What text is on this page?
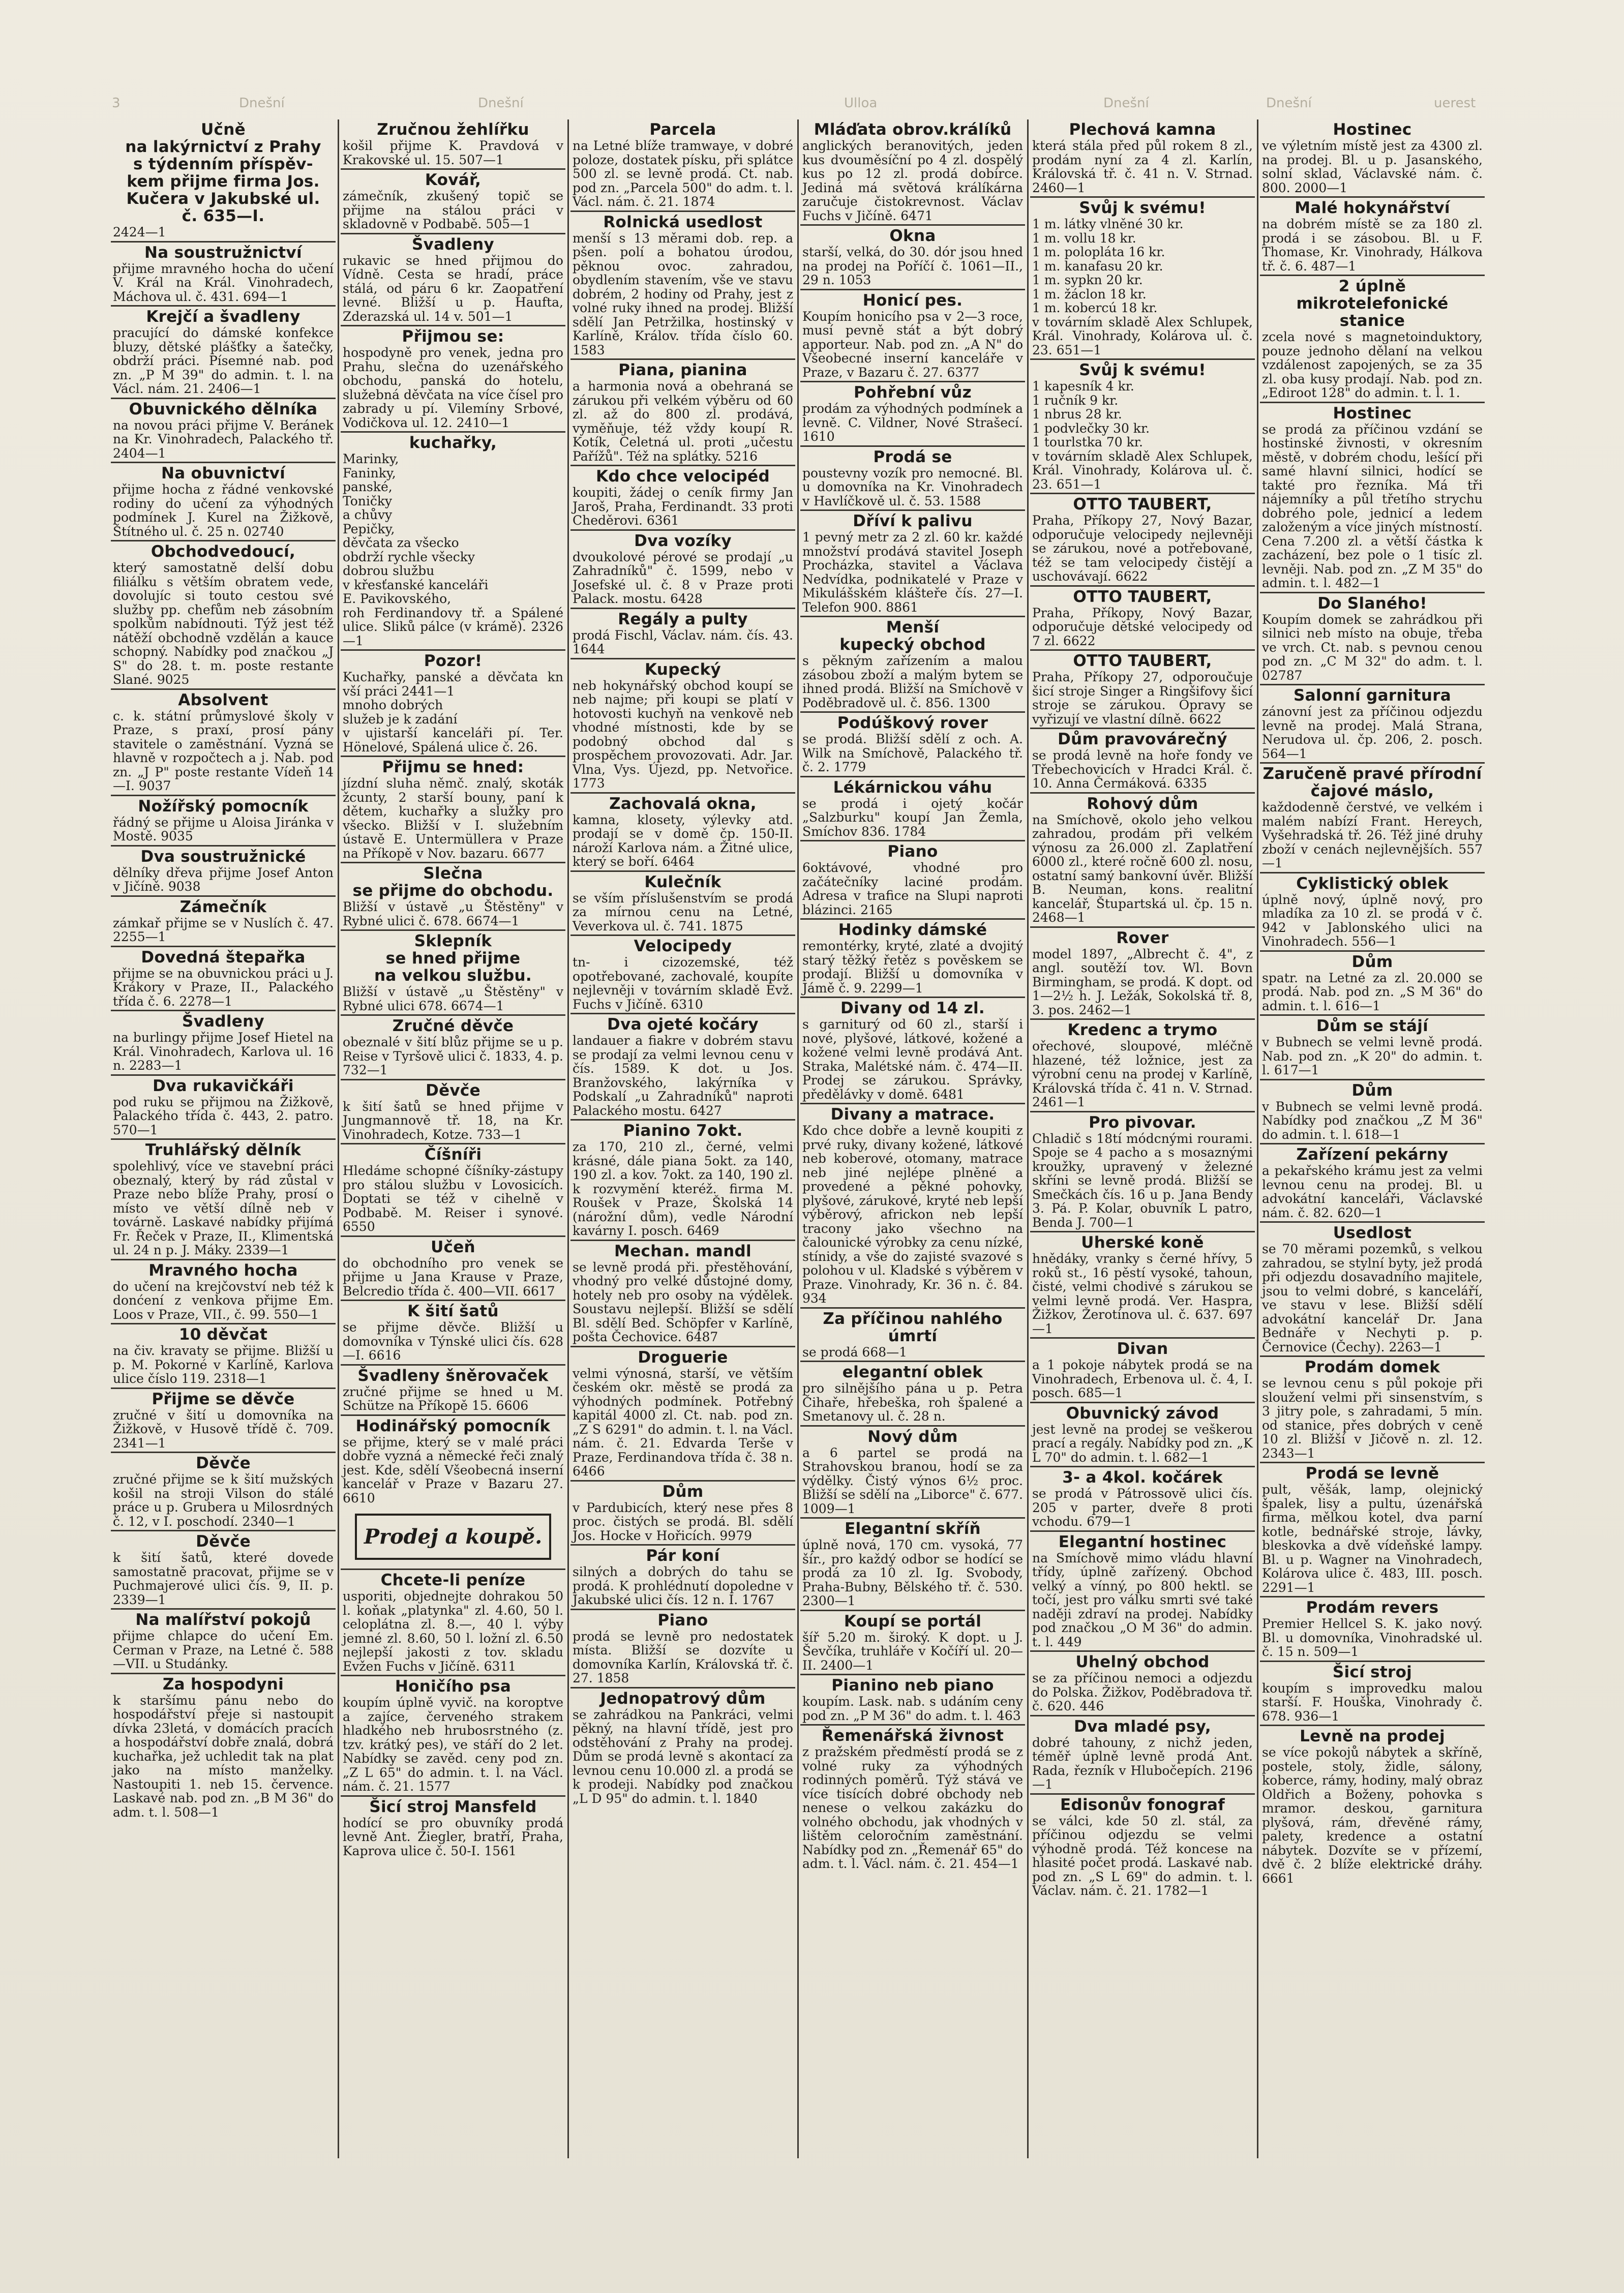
3	Dnešní	Dnešní	Ulloa	Dnešní	Dnešní	uerest
Učně
na lakýrnictví z Prahy
s týdenním příspěv-
kem přijme firma Jos.
Kučera v Jakubské ul.
č. 635—I.
2424—1
Na soustružnictví
přijme mravného hocha do učení V. Král na Král. Vinohradech, Máchova ul. č. 431. 694—1
Krejčí a švadleny
pracující do dámské konfekce bluzy, dětské plášťky a šatečky, obdrží práci. Písemné nab. pod zn. „P M 39" do admin. t. l. na Václ. nám. 21. 2406—1
Obuvnického dělníka
na novou práci přijme V. Beránek na Kr. Vinohradech, Palackého tř. 2404—1
Na obuvnictví
přijme hocha z řádné venkovské rodiny do učení za výhodných podmínek J. Kurel na Žižkově, Štítného ul. č. 25 n. 02740
Obchodvedoucí,
který samostatně delší dobu filiálku s větším obratem vede, dovolujíc si touto cestou své služby pp. chefům neb zásobním spolkům nabídnouti. Týž jest též nátěží obchodně vzdělán a kauce schopný. Nabídky pod značkou „J S" do 28. t. m. poste restante Slané. 9025
Absolvent
c. k. státní průmyslové školy v Praze, s praxí, prosí pány stavitele o zaměstnání. Vyzná se hlavně v rozpočtech a j. Nab. pod zn. „J P" poste restante Vídeň 14—I. 9037
Nožířský pomocník
řádný se přijme u Aloisa Jiránka v Mostě. 9035
Dva soustružnické
dělníky dřeva přijme Josef Anton v Jičíně. 9038
Zámečník
zámkař přijme se v Nuslích č. 47. 2255—1
Dovedná štepařka
přijme se na obuvnickou práci u J. Krákory v Praze, II., Palackého třída č. 6. 2278—1
Švadleny
na burlingy přijme Josef Hietel na Král. Vinohradech, Karlova ul. 16 n. 2283—1
Dva rukavičkáři
pod ruku se přijmou na Žižkově, Palackého třída č. 443, 2. patro. 570—1
Truhlářský dělník
spolehlivý, více ve stavební práci obeznalý, který by rád zůstal v Praze nebo blíže Prahy, prosí o místo ve větší dílně neb v továrně. Laskavé nabídky přijímá Fr. Řeček v Praze, II., Klimentská ul. 24 n p. J. Máky. 2339—1
Mravného hocha
do učení na krejčovství neb též k donćení z venkova přijme Em. Loos v Praze, VII., č. 99. 550—1
10 děvčat
na čiv. kravaty se přijme. Bližší u p. M. Pokorné v Karlíně, Karlova ulice číslo 119. 2318—1
Přijme se děvče
zručné v šití u domovníka na Žižkově, v Husově třídě č. 709. 2341—1
Děvče
zručné přijme se k šití mužských košil na stroji Vilson do stálé práce u p. Grubera u Milosrdných č. 12, v I. poschodí. 2340—1
Děvče
k šití šatů, které dovede samostatně pracovat, přijme se v Puchmajerové ulici čís. 9, II. p. 2339—1
Na malířství pokojů
přijme chlapce do učení Em. Cerman v Praze, na Letné č. 588—VII. u Studánky.
Za hospodyni
k staršímu pánu nebo do hospodářství přeje si nastoupit dívka 23letá, v domácích pracích a hospodářství dobře znalá, dobrá kuchařka, jež uchledit tak na plat jako na místo manželky. Nastoupiti 1. neb 15. července. Laskavé nab. pod zn. „B M 36" do adm. t. l. 508—1
Zručnou žehlířku
košil přijme K. Pravdová v Krakovské ul. 15. 507—1
Kovář,
zámečník, zkušený topič se přijme na stálou práci v skladovně v Podbabě. 505—1
Švadleny
rukavic se hned přijmou do Vídně. Cesta se hradí, práce stálá, od páru 6 kr. Zaopatření levné. Bližší u p. Haufta, Zderazská ul. 14 v. 501—1
Přijmou se:
hospodyně pro venek, jedna pro Prahu, slečna do uzenářského obchodu, panská do hotelu, služebná děvčata na více čísel pro zabrady u pí. Vilemíny Srbové, Vodičkova ul. 12. 2410—1
kuchařky,
Marinky,
Faninky,
panské,
Toničky
a chůvy
Pepičky,
děvčata za všecko
obdrží rychle všecky
dobrou službu
v křesťanské kanceláři
E. Pavikovského,
roh Ferdinandovy tř. a Spálené ulice. Sliků pálce (v krámě). 2326—1
Pozor!
Kuchařky, panské a děvčata kn vší práci 2441—1
mnoho dobrých
služeb je k zadání
v ujistarší kanceláři pí. Ter. Hönelové, Spálená ulice č. 26.
Přijmu se hned:
jízdní sluha němč. znalý, skoták žcunty, 2 starší bouny, paní k dětem, kuchařky a služky pro všecko. Bližší v I. služebním ústavě E. Untermüllera v Praze na Příkopě v Nov. bazaru. 6677
Slečna
se přijme do obchodu.
Bližší v ústavě „u Štěstěny" v Rybné ulici č. 678. 6674—1
Sklepník
se hned přijme
na velkou službu.
Bližší v ústavě „u Štěstěny" v Rybné ulici 678. 6674—1
Zručné děvče
obeznalé v šití blůz přijme se u p. Reise v Tyršově ulici č. 1833, 4. p. 732—1
Děvče
k šití šatů se hned přijme v Jungmannově tř. 18, na Kr. Vinohradech, Kotze. 733—1
Číšníři
Hledáme schopné číšníky-zástupy pro stálou službu v Lovosicích. Doptati se též v cihelně v Podbabě. M. Reiser i synové. 6550
Učeň
do obchodního pro venek se přijme u Jana Krause v Praze, Belcredio třída č. 400—VII. 6617
K šití šatů
se přijme děvče. Bližší u domovníka v Týnské ulici čís. 628—I. 6616
Švadleny šněrovaček
zručné přijme se hned u M. Schütze na Příkopě 15. 6606
Hodinářský pomocník
se přijme, který se v malé práci dobře vyzná a německé řeči znalý jest. Kde, sdělí Všeobecná inserní kancelář v Praze v Bazaru 27. 6610
Prodej a koupě.
Chcete-li peníze
usporiti, objednejte dohrakou 50 l. koňak „platynka" zl. 4.60, 50 l. celoplátna zl. 8.—, 40 l. výby jemné zl. 8.60, 50 l. ložní zl. 6.50 nejlepší jakosti z tov. skladu Evžen Fuchs v Jičíně. 6311
Honičího psa
koupím úplně vyvič. na koroptve a zajíce, červeného strakem hladkého neb hrubosrstného (z. tzv. krátký pes), ve stáří do 2 let. Nabídky se zavěd. ceny pod zn. „Z L 65" do admin. t. l. na Václ. nám. č. 21. 1577
Šicí stroj Mansfeld
hodící se pro obuvníky prodá levně Ant. Ziegler, bratří, Praha, Kaprova ulice č. 50-I. 1561
Parcela
na Letné blíže tramwaye, v dobré poloze, dostatek písku, při splátce 500 zl. se levně prodá. Ct. nab. pod zn. „Parcela 500" do adm. t. l. Václ. nám. č. 21. 1874
Rolnická usedlost
menší s 13 měrami dob. rep. a pšen. polí a bohatou úrodou, pěknou ovoc. zahradou, obydlením stavením, vše ve stavu dobrém, 2 hodiny od Prahy, jest z volné ruky ihned na prodej. Bližší sdělí Jan Petržilka, hostinský v Karlíně, Králov. třída číslo 60. 1583
Piana, pianina
a harmonia nová a obehraná se zárukou při velkém výběru od 60 zl. až do 800 zl. prodává, vyměňuje, též vždy koupí R. Kotík, Celetná ul. proti „učestu Pařížů". Též na splátky. 5216
Kdo chce velocipéd
koupiti, žádej o ceník firmy Jan Jaroš, Praha, Ferdinandt. 33 proti Cheděrovi. 6361
Dva vozíky
dvoukolové pérové se prodají „u Zahradníků" č. 1599, nebo v Josefské ul. č. 8 v Praze proti Palack. mostu. 6428
Regály a pulty
prodá Fischl, Václav. nám. čís. 43. 1644
Kupecký
neb hokynářský obchod koupí se neb najme; při koupi se platí v hotovosti kuchyň na venkově neb vhodné místnosti, kde by se podobný obchod dal s prospěchem provozovati. Adr. Jar. Vlna, Vys. Újezd, pp. Netvořice. 1773
Zachovalá okna,
kamna, klosety, výlevky atd. prodají se v domě čp. 150-II. nároží Karlova nám. a Žitné ulice, který se boří. 6464
Kulečník
se vším příslušenstvím se prodá za mírnou cenu na Letné, Veverkova ul. č. 741. 1875
Velocipedy
tn- i cizozemské, též opotřebované, zachovalé, koupíte nejlevněji v továrním skladě Evž. Fuchs v Jičíně. 6310
Dva ojeté kočáry
landauer a fiakre v dobrém stavu se prodají za velmi levnou cenu v čís. 1589. K dot. u Jos. Branžovského, lakýrníka v Podskalí „u Zahradníků" naproti Palackého mostu. 6427
Pianino 7okt.
za 170, 210 zl., černé, velmi krásné, dále piana 5okt. za 140, 190 zl. a kov. 7okt. za 140, 190 zl. k rozvymění kteréž. firma M. Roušek v Praze, Školská 14 (nárožní dům), vedle Národní kavárny I. posch. 6469
Mechan. mandl
se levně prodá při. přestěhování, vhodný pro velké důstojné domy, hotely neb pro osoby na výdělek. Soustavu nejlepší. Bližší se sdělí Bl. sdělí Bed. Schöpfer v Karlíně, pošta Čechovice. 6487
Droguerie
velmi výnosná, starší, ve větším českém okr. městě se prodá za výhodných podmínek. Potřebný kapitál 4000 zl. Ct. nab. pod zn. „Z S 6291" do admin. t. l. na Václ. nám. č. 21. Edvarda Terše v Praze, Ferdinandova třída č. 38 n. 6466
Dům
v Pardubicích, který nese přes 8 proc. čistých se prodá. Bl. sdělí Jos. Hocke v Hořicích. 9979
Pár koní
silných a dobrých do tahu se prodá. K prohlédnutí dopoledne v Jakubské ulici čís. 12 n. I. 1767
Piano
prodá se levně pro nedostatek místa. Bližší se dozvíte u domovníka Karlín, Královská tř. č. 27. 1858
Jednopatrový dům
se zahrádkou na Pankráci, velmi pěkný, na hlavní třídě, jest pro odstěhování z Prahy na prodej. Dům se prodá levně s akontací za levnou cenu 10.000 zl. a prodá se k prodeji. Nabídky pod značkou „L D 95" do admin. t. l. 1840
Mláďata obrov.králíků
anglických beranovitých, jeden kus dvouměsíční po 4 zl. dospělý kus po 12 zl. prodá dobírce. Jediná má světová králíkárna zaručuje čistokrevnost. Václav Fuchs v Jičíně. 6471
Okna
starší, velká, do 30. dór jsou hned na prodej na Poříčí č. 1061—II., 29 n. 1053
Honicí pes.
Koupím honicího psa v 2—3 roce, musí pevně stát a být dobrý apporteur. Nab. pod zn. „A N" do Všeobecné inserní kanceláře v Praze, v Bazaru č. 27. 6377
Pohřební vůz
prodám za výhodných podmínek a levně. C. Vildner, Nové Strašecí. 1610
Prodá se
poustevny vozík pro nemocné. Bl. u domovníka na Kr. Vinohradech v Havlíčkově ul. č. 53. 1588
Dříví k palivu
1 pevný metr za 2 zl. 60 kr. každé množství prodává stavitel Joseph Procházka, stavitel a Václava Nedvídka, podnikatelé v Praze v Mikulášském klášteře čís. 27—I. Telefon 900. 8861
Menší
kupecký obchod
s pěkným zařízením a malou zásobou zboží a malým bytem se ihned prodá. Bližší na Smíchově v Poděbradově ul. č. 856. 1300
Podúškový rover
se prodá. Bližší sdělí z och. A. Wilk na Smíchově, Palackého tř. č. 2. 1779
Lékárnickou váhu
se prodá i ojetý kočár „Salzburku" koupí Jan Žemla, Smíchov 836. 1784
Piano
6oktávové, vhodné pro začátečníky laciné prodám. Adresa v trafice na Slupi naproti blázinci. 2165
Hodinky dámské
remontérky, kryté, zlaté a dvojitý starý těžký řetěz s pověskem se prodají. Bližší u domovníka v Jámě č. 9. 2299—1
Divany od 14 zl.
s garniturý od 60 zl., starší i nové, plyšové, látkové, kožené a kožené velmi levně prodává Ant. Straka, Malétské nám. č. 474—II. Prodej se zárukou. Správky, předělávky v domě. 6481
Divany a matrace.
Kdo chce dobře a levně koupiti z prvé ruky, divany kožené, látkové neb koberové, otomany, matrace neb jiné nejlépe plněné a provedené a pěkné pohovky, plyšové, zárukové, kryté neb lepší výběrový, africkon neb lepší tracony jako všechno na čalounické výrobky za cenu nízké, stínidy, a vše do zajisté svazové s polohou v ul. Kladské s výběrem v Praze. Vinohrady, Kr. 36 n. č. 84. 934
Za příčinou nahlého úmrtí
se prodá 668—1
elegantní oblek
pro silnějšího pána u p. Petra Čihaře, hřebeška, roh špalené a Smetanovy ul. č. 28 n.
Nový dům
a 6 partel se prodá na Strahovskou branou, hodí se za výdělky. Čistý výnos 6½ proc. Bližší se sdělí na „Liborce" č. 677. 1009—1
Elegantní skříň
úplně nová, 170 cm. vysoká, 77 šír., pro každý odbor se hodící se prodá za 10 zl. Ig. Svobody, Praha-Bubny, Bělského tř. č. 530. 2300—1
Koupí se portál
šíř 5.20 m. široký. K dopt. u J. Ševčíka, truhláře v Kočíří ul. 20—II. 2400—1
Pianino neb piano
koupím. Lask. nab. s udáním ceny pod zn. „P M 36" do adm. t. l. 463
Řemenářská živnost
z pražském předměstí prodá se z volné ruky za výhodných rodinných poměrů. Týž stává ve více tisících dobré obchody neb nenese o velkou zakázku do volného obchodu, jak vhodných v lištěm celoročním zaměstnání. Nabídky pod zn. „Řemenář 65" do adm. t. l. Václ. nám. č. 21. 454—1
Plechová kamna
která stála před půl rokem 8 zl., prodám nyní za 4 zl. Karlín, Královská tř. č. 41 n. V. Strnad. 2460—1
Svůj k svému!
1 m. látky vlněné 30 kr.
1 m. vollu 18 kr.
1 m. polopláta 16 kr.
1 m. kanafasu 20 kr.
1 m. sypkn 20 kr.
1 m. žáclon 18 kr.
1 m. kobercú 18 kr.
v továrním skladě Alex Schlupek, Král. Vinohrady, Kolárova ul. č. 23. 651—1
Svůj k svému!
1 kapesník 4 kr.
1 ručník 9 kr.
1 nbrus 28 kr.
1 podvlečky 30 kr.
1 tourlstka 70 kr.
v továrním skladě Alex Schlupek, Král. Vinohrady, Kolárova ul. č. 23. 651—1
OTTO TAUBERT,
Praha, Příkopy 27, Nový Bazar, odporučuje velocipedy nejlevněji se zárukou, nové a potřebované, též se tam velocipedy čistějí a uschovávají. 6622
OTTO TAUBERT,
Praha, Příkopy, Nový Bazar, odporučuje dětské velocipedy od 7 zl. 6622
OTTO TAUBERT,
Praha, Příkopy 27, odporoučuje šicí stroje Singer a Ringšifovy šicí stroje se zárukou. Opravy se vyřizují ve vlastní dílně. 6622
Dům pravovárečný
se prodá levně na hoře fondy ve Třebechovicích v Hradci Král. č. 10. Anna Čermáková. 6335
Rohový dům
na Smíchově, okolo jeho velkou zahradou, prodám při velkém výnosu za 26.000 zl. Zaplatření 6000 zl., které ročně 600 zl. nosu, ostatní samý bankovní úvěr. Bližší B. Neuman, kons. realitní kancelář, Štupartská ul. čp. 15 n. 2468—1
Rover
model 1897, „Albrecht č. 4", z angl. soutěží tov. Wl. Bovn Birmingham, se prodá. K dopt. od 1—2½ h. J. Ležák, Sokolská tř. 8, 3. pos. 2462—1
Kredenc a trymo
ořechové, sloupové, mléčně hlazené, též ložnice, jest za výrobní cenu na prodej v Karlíně, Královská třída č. 41 n. V. Strnad. 2461—1
Pro pivovar.
Chladič s 18tí módcnými rourami. Spoje se 4 pacho a s mosaznými kroužky, upravený v železné skříni se levně prodá. Bližší se Smečkách čís. 16 u p. Jana Bendy 3. Pá. P. Kolar, obuvník L patro, Benda J. 700—1
Uherské koně
hnědáky, vranky s černé hřívy, 5 roků st., 16 pěstí vysoké, tahoun, čisté, velmi chodivé s zárukou se velmi levně prodá. Ver. Haspra, Žižkov, Žerotínova ul. č. 637. 697—1
Divan
a 1 pokoje nábytek prodá se na Vinohradech, Erbenova ul. č. 4, I. posch. 685—1
Obuvnický závod
jest levně na prodej se veškerou prací a regály. Nabídky pod zn. „K L 70" do admin. t. l. 682—1
3- a 4kol. kočárek
se prodá v Pátrossově ulici čís. 205 v parter, dveře 8 proti vchodu. 679—1
Elegantní hostinec
na Smíchově mimo vládu hlavní třídy, úplně zařízený. Obchod velký a vínný, po 800 hektl. se točí, jest pro válku smrti své také naději zdraví na prodej. Nabídky pod značkou „O M 36" do admin. t. l. 449
Uhelný obchod
se za příčinou nemoci a odjezdu do Polska. Žižkov, Poděbradova tř. č. 620. 446
Dva mladé psy,
dobré tahouny, z nichž jeden, téměř úplně levně prodá Ant. Rada, řezník v Hlubočepích. 2196—1
Edisonův fonograf
se válci, kde 50 zl. stál, za příčinou odjezdu se velmi výhodně prodá. Též koncese na hlasité počet prodá. Laskavé nab. pod zn. „S L 69" do admin. t. l. Václav. nám. č. 21. 1782—1
Hostinec
ve výletním místě jest za 4300 zl. na prodej. Bl. u p. Jasanského, solní sklad, Václavské nám. č. 800. 2000—1
Malé hokynářství
na dobrém místě se za 180 zl. prodá i se zásobou. Bl. u F. Thomase, Kr. Vinohrady, Hálkova tř. č. 6. 487—1
2 úplně mikrotelefonické
stanice
zcela nové s magnetoinduktory, pouze jednoho dělaní na velkou vzdálenost zapojených, se za 35 zl. oba kusy prodají. Nab. pod zn. „Ediroot 128" do admin. t. l. 1.
Hostinec
se prodá za příčinou vzdání se hostinské živnosti, v okresním městě, v dobrém chodu, lešící při samé hlavní silnici, hodící se takté pro řezníka. Má tři nájemníky a půl třetího strychu dobrého pole, jednicí a ledem založeným a více jiných místností. Cena 7.200 zl. a větší částka k zacházení, bez pole o 1 tisíc zl. levněji. Nab. pod zn. „Z M 35" do admin. t. l. 482—1
Do Slaného!
Koupím domek se zahrádkou při silnici neb místo na obuje, třeba ve vrch. Ct. nab. s pevnou cenou pod zn. „C M 32" do adm. t. l. 02787
Salonní garnitura
zánovní jest za příčinou odjezdu levně na prodej. Malá Strana, Nerudova ul. čp. 206, 2. posch. 564—1
Zaručeně pravé přírodní
čajové máslo,
každodenně čerstvé, ve velkém i malém nabízí Frant. Hereych, Vyšehradská tř. 26. Též jiné druhy zboží v cenách nejlevnějších. 557—1
Cyklistický oblek
úplně nový, úplně nový, pro mladíka za 10 zl. se prodá v č. 942 v Jablonského ulici na Vinohradech. 556—1
Dům
spatr. na Letné za zl. 20.000 se prodá. Nab. pod zn. „S M 36" do admin. t. l. 616—1
Dům se stájí
v Bubnech se velmi levně prodá. Nab. pod zn. „K 20" do admin. t. l. 617—1
Dům
v Bubnech se velmi levně prodá. Nabídky pod značkou „Z M 36" do admin. t. l. 618—1
Zařízení pekárny
a pekařského krámu jest za velmi levnou cenu na prodej. Bl. u advokátní kanceláři, Václavské nám. č. 82. 620—1
Usedlost
se 70 měrami pozemků, s velkou zahradou, se stylní byty, jež prodá při odjezdu dosavadního majitele, jsou to velmi dobré, s kanceláří, ve stavu v lese. Bližší sdělí advokátní kancelář Dr. Jana Bednáře v Nechyti p. p. Černovice (Čechy). 2263—1
Prodám domek
se levnou cenu s půl pokoje při sloužení velmi při sinsenstvím, s 3 jitry pole, s zahradami, 5 mín. od stanice, přes dobrých v ceně 10 zl. Bližší v Jičově n. zl. 12. 2343—1
Prodá se levně
pult, věšák, lamp, olejnický špalek, lisy a pultu, úzenářská firma, mělkou kotel, dva parní kotle, bednářské stroje, lávky, bleskovka a dvě vídeňské lampy. Bl. u p. Wagner na Vinohradech, Kolárova ulice č. 483, III. posch. 2291—1
Prodám revers
Premier Hellcel S. K. jako nový. Bl. u domovníka, Vinohradské ul. č. 15 n. 509—1
Šicí stroj
koupím s improvedku malou starší. F. Houška, Vinohrady č. 678. 936—1
Levně na prodej
se více pokojů nábytek a skříně, postele, stoly, židle, sálony, koberce, rámy, hodiny, malý obraz Oldřich a Boženy, pohovka s mramor. deskou, garnitura plyšová, rám, dřevěné rámy, palety, kredence a ostatní nábytek. Dozvíte se v přízemí, dvě č. 2 blíže elektrické dráhy. 6661
